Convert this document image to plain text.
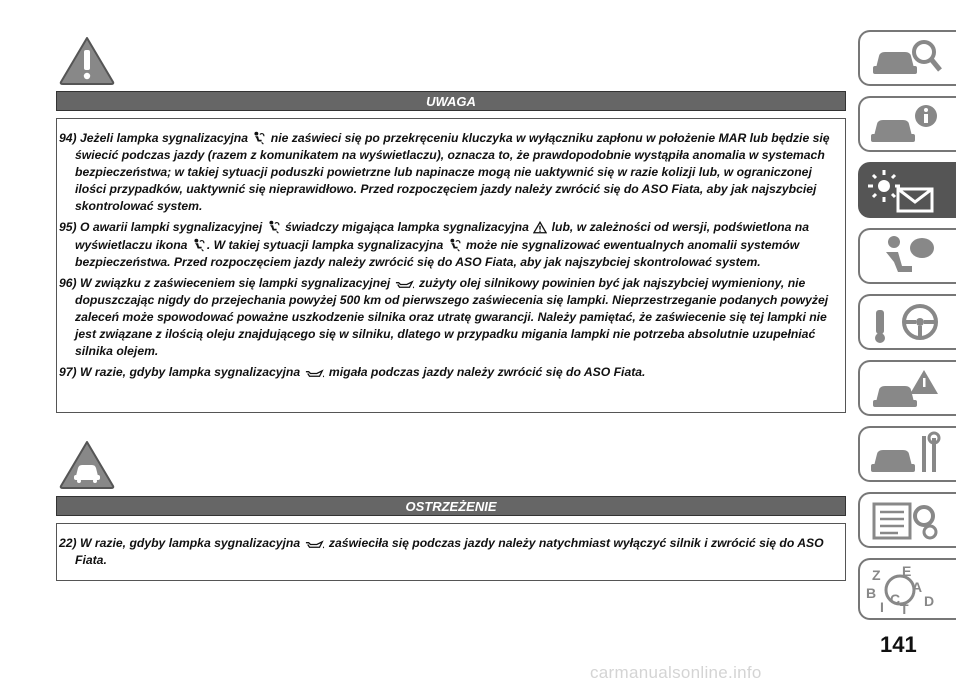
UWAGA

94) Jeżeli lampka sygnalizacyjna nie zaświeci się po przekręceniu kluczyka w wyłączniku zapłonu w położenie MAR lub będzie się świecić podczas jazdy (razem z komunikatem na wyświetlaczu), oznacza to, że prawdopodobnie wystąpiła anomalia w systemach bezpieczeństwa; w takiej sytuacji poduszki powietrzne lub napinacze mogą nie uaktywnić się w razie kolizji lub, w ograniczonej ilości przypadków, uaktywnić się nieprawidłowo. Przed rozpoczęciem jazdy należy zwrócić się do ASO Fiata, aby jak najszybciej skontrolować system.

95) O awarii lampki sygnalizacyjnej świadczy migająca lampka sygnalizacyjna lub, w zależności od wersji, podświetlona na wyświetlaczu ikona . W takiej sytuacji lampka sygnalizacyjna może nie sygnalizować ewentualnych anomalii systemów bezpieczeństwa. Przed rozpoczęciem jazdy należy zwrócić się do ASO Fiata, aby jak najszybciej skontrolować system.

96) W związku z zaświeceniem się lampki sygnalizacyjnej zużyty olej silnikowy powinien być jak najszybciej wymieniony, nie dopuszczając nigdy do przejechania powyżej 500 km od pierwszego zaświecenia się lampki. Nieprzestrzeganie podanych powyżej zaleceń może spowodować poważne uszkodzenie silnika oraz utratę gwarancji. Należy pamiętać, że zaświecenie się tej lampki nie jest związane z ilością oleju znajdującego się w silniku, dlatego w przypadku migania lampki nie potrzeba absolutnie uzupełniać silnika olejem.

97) W razie, gdyby lampka sygnalizacyjna migała podczas jazdy należy zwrócić się do ASO Fiata.

OSTRZEŻENIE

22) W razie, gdyby lampka sygnalizacyjna zaświeciła się podczas jazdy należy natychmiast wyłączyć silnik i zwrócić się do ASO Fiata.

Z E
A
B	D
I C
T
141
carmanualsonline.info
